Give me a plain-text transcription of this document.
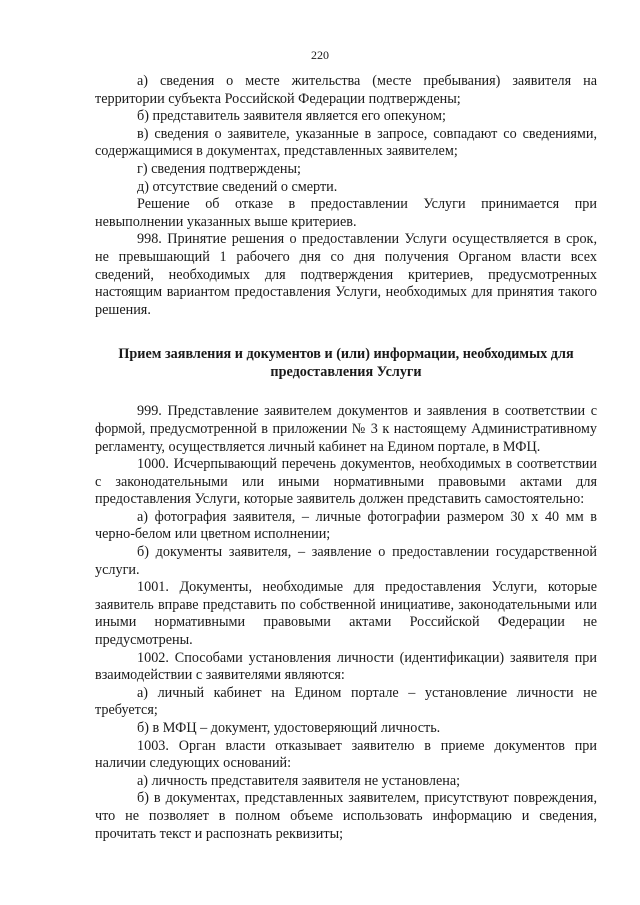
220

а) сведения о месте жительства (месте пребывания) заявителя на территории субъекта Российской Федерации подтверждены;

б) представитель заявителя является его опекуном;

в) сведения о заявителе, указанные в запросе, совпадают со сведениями, содержащимися в документах, представленных заявителем;

г) сведения подтверждены;

д) отсутствие сведений о смерти.

Решение об отказе в предоставлении Услуги принимается при невыполнении указанных выше критериев.

998. Принятие решения о предоставлении Услуги осуществляется в срок, не превышающий 1 рабочего дня со дня получения Органом власти всех сведений, необходимых для подтверждения критериев, предусмотренных настоящим вариантом предоставления Услуги, необходимых для принятия такого решения.

Прием заявления и документов и (или) информации, необходимых для предоставления Услуги

999. Представление заявителем документов и заявления в соответствии с формой, предусмотренной в приложении № 3 к настоящему Административному регламенту, осуществляется личный кабинет на Едином портале, в МФЦ.

1000. Исчерпывающий перечень документов, необходимых в соответствии с законодательными или иными нормативными правовыми актами для предоставления Услуги, которые заявитель должен представить самостоятельно:

а) фотография заявителя, – личные фотографии размером 30 х 40 мм в черно-белом или цветном исполнении;

б) документы заявителя, – заявление о предоставлении государственной услуги.

1001. Документы, необходимые для предоставления Услуги, которые заявитель вправе представить по собственной инициативе, законодательными или иными нормативными правовыми актами Российской Федерации не предусмотрены.

1002. Способами установления личности (идентификации) заявителя при взаимодействии с заявителями являются:

а) личный кабинет на Едином портале – установление личности не требуется;

б) в МФЦ – документ, удостоверяющий личность.

1003. Орган власти отказывает заявителю в приеме документов при наличии следующих оснований:

а) личность представителя заявителя не установлена;

б) в документах, представленных заявителем, присутствуют повреждения, что не позволяет в полном объеме использовать информацию и сведения, прочитать текст и распознать реквизиты;
